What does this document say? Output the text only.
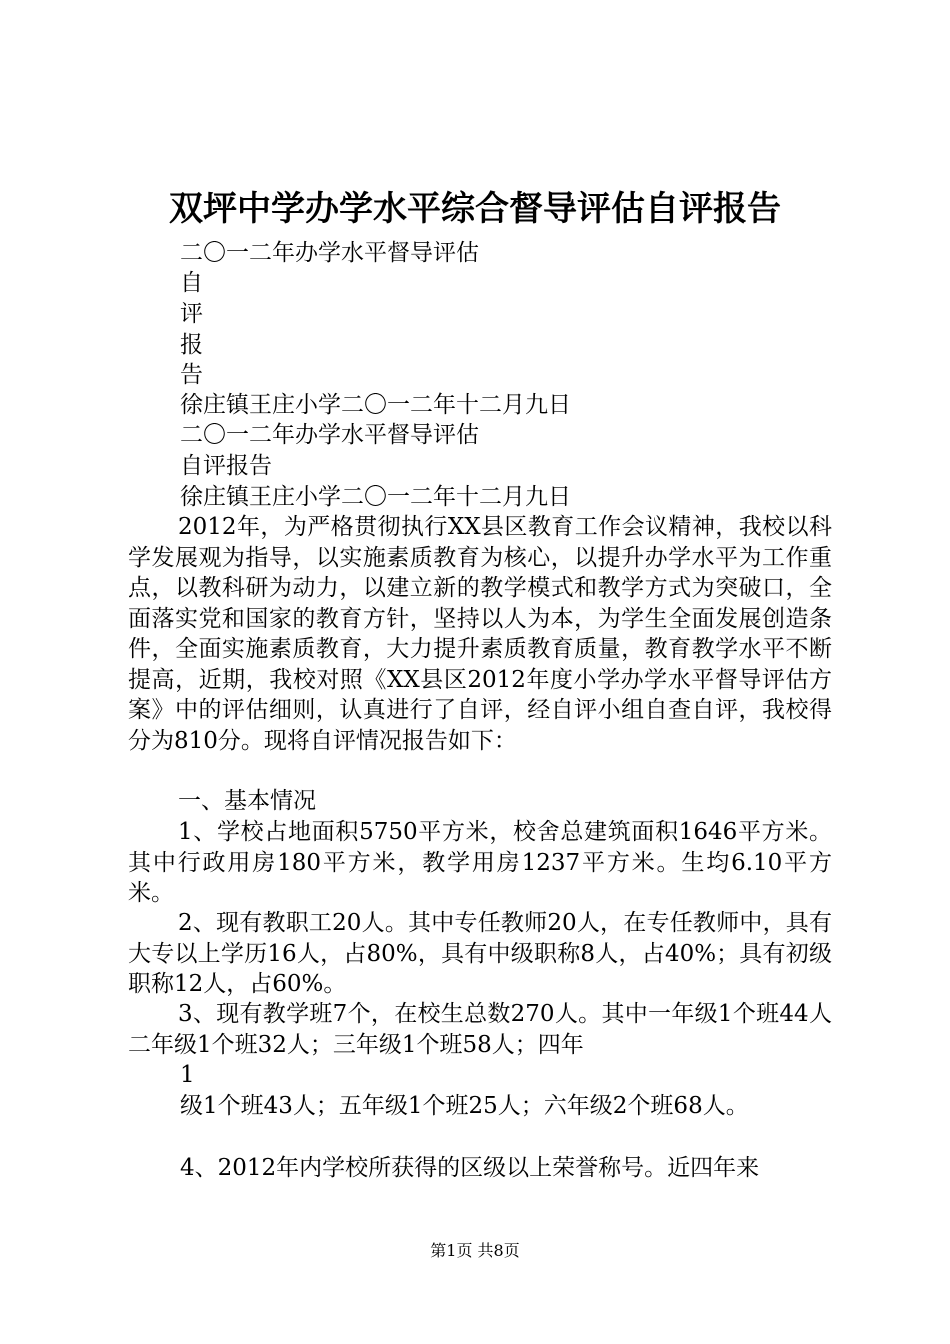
双坪中学办学水平综合督导评估自评报告
二〇一二年办学水平督导评估
自
评
报
告
徐庄镇王庄小学二〇一二年十二月九日
二〇一二年办学水平督导评估
自评报告
徐庄镇王庄小学二〇一二年十二月九日
2012年，为严格贯彻执行XX县区教育工作会议精神，我校以科学发展观为指导，以实施素质教育为核心，以提升办学水平为工作重点，以教科研为动力，以建立新的教学模式和教学方式为突破口，全面落实党和国家的教育方针，坚持以人为本，为学生全面发展创造条件，全面实施素质教育，大力提升素质教育质量，教育教学水平不断提高，近期，我校对照《XX县区2012年度小学办学水平督导评估方案》中的评估细则，认真进行了自评，经自评小组自查自评，我校得分为810分。现将自评情况报告如下：
一、基本情况
1、学校占地面积5750平方米，校舍总建筑面积1646平方米。其中行政用房180平方米，教学用房1237平方米。生均6.10平方米。
2、现有教职工20人。其中专任教师20人，在专任教师中，具有大专以上学历16人，占80%，具有中级职称8人，占40%；具有初级职称12人，占60%。
3、现有教学班7个，在校生总数270人。其中一年级1个班44人二年级1个班32人；三年级1个班58人；四年
1
级1个班43人；五年级1个班25人；六年级2个班68人。
4、2012年内学校所获得的区级以上荣誉称号。近四年来
第1页 共8页
